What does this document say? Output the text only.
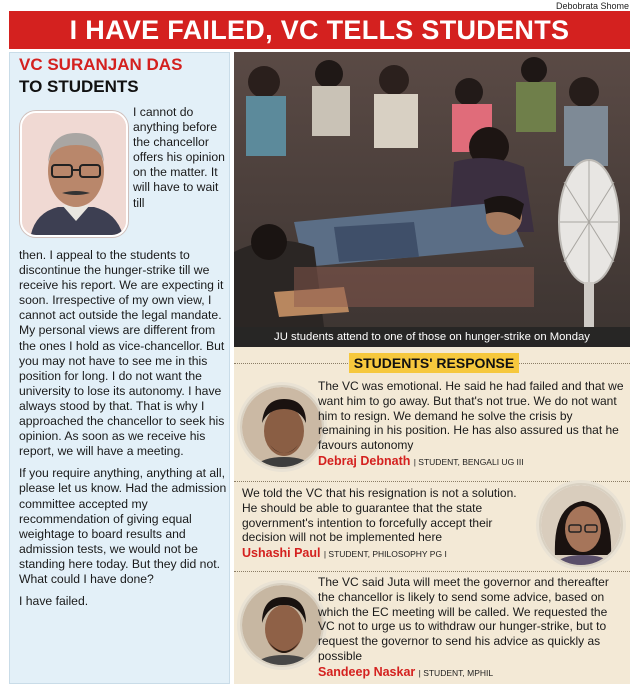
Debobrata Shome
I HAVE FAILED, VC TELLS STUDENTS
VC SURANJAN DAS
TO STUDENTS
I cannot do anything before the chancellor offers his opinion on the matter. It will have to wait till

then. I appeal to the students to discontinue the hunger-strike till we receive his report. We are expecting it soon. Irrespective of my own view, I cannot act outside the legal mandate. My personal views are different from the ones I hold as vice-chancellor. But you may not have to see me in this position for long. I do not want the university to lose its autonomy. I have always stood by that. That is why I approached the chancellor to seek his opinion. As soon as we receive his report, we will have a meeting.

If you require anything, anything at all, please let us know. Had the admission committee accepted my recommendation of giving equal weightage to board results and admission tests, we would not be standing here today. But they did not. What could I have done?

I have failed.

JU students attend to one of those on hunger-strike on Monday
STUDENTS' RESPONSE
The VC was emotional. He said he had failed and that we want him to go away. But that's not true. We do not want him to resign. We demand he solve the crisis by remaining in his position. He has also assured us that he favours autonomy
Debraj Debnath | STUDENT, BENGALI UG III
We told the VC that his resignation is not a solution. He should be able to guarantee that the state government's intention to forcefully accept their decision will not be implemented here
Ushashi Paul | STUDENT, PHILOSOPHY PG I
The VC said Juta will meet the governor and thereafter the chancellor is likely to send some advice, based on which the EC meeting will be called. We requested the VC not to urge us to withdraw our hunger-strike, but to request the governor to send his advice as quickly as possible
Sandeep Naskar | STUDENT, MPHIL
